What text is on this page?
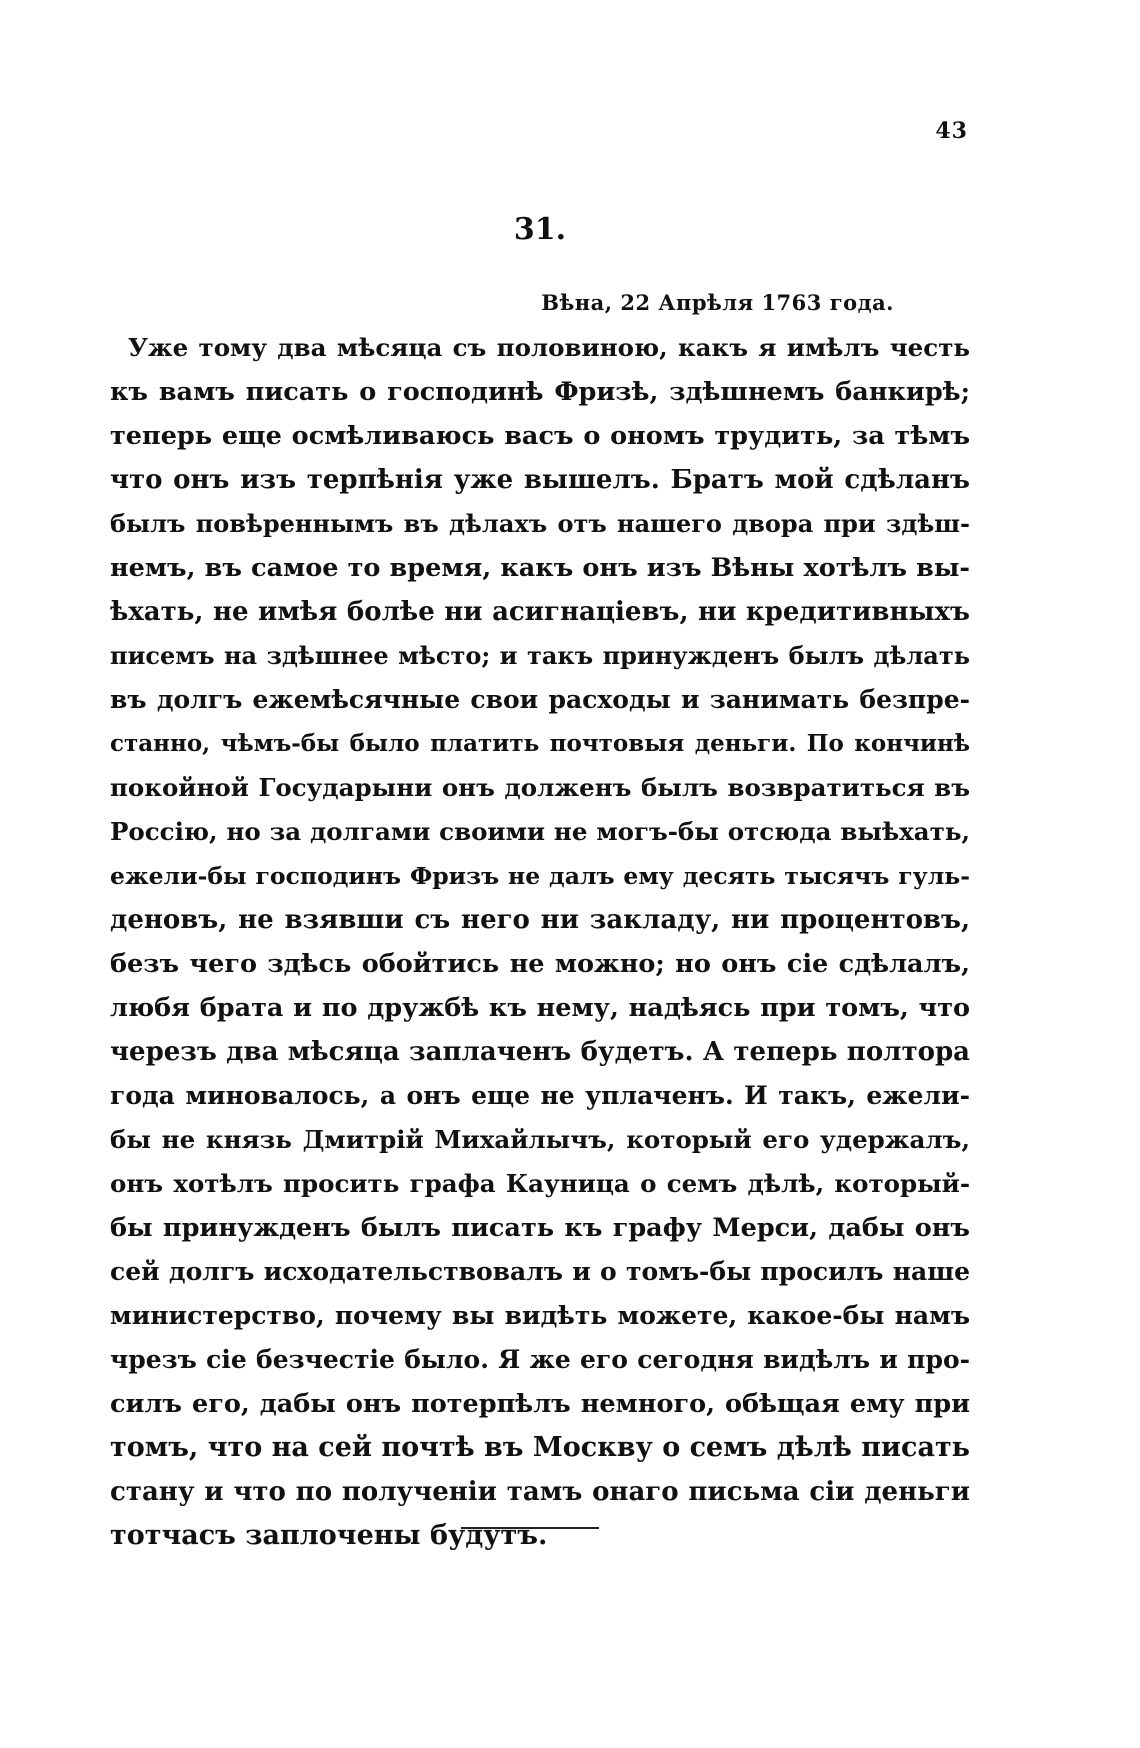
43
31.
Вѣна, 22 Апрѣля 1763 года.
Уже тому два мѣсяца съ половиною, какъ я имѣлъ честь
къ вамъ писать о господинѣ Фризѣ, здѣшнемъ банкирѣ;
теперь еще осмѣливаюсь васъ о ономъ трудить, за тѣмъ
что онъ изъ терпѣнія уже вышелъ. Братъ мой сдѣланъ
былъ повѣреннымъ въ дѣлахъ отъ нашего двора при здѣш-
немъ, въ самое то время, какъ онъ изъ Вѣны хотѣлъ вы-
ѣхать, не имѣя болѣе ни асигнаціевъ, ни кредитивныхъ
писемъ на здѣшнее мѣсто; и такъ принужденъ былъ дѣлать
въ долгъ ежемѣсячные свои расходы и занимать безпре-
станно, чѣмъ-бы было платить почтовыя деньги. По кончинѣ
покойной Государыни онъ долженъ былъ возвратиться въ
Россію, но за долгами своими не могъ-бы отсюда выѣхать,
ежели-бы господинъ Фризъ не далъ ему десять тысячъ гуль-
деновъ, не взявши съ него ни закладу, ни процентовъ,
безъ чего здѣсь обойтись не можно; но онъ сіе сдѣлалъ,
любя брата и по дружбѣ къ нему, надѣясь при томъ, что
черезъ два мѣсяца заплаченъ будетъ. А теперь полтора
года миновалось, а онъ еще не уплаченъ. И такъ, ежели-
бы не князь Дмитрій Михайлычъ, который его удержалъ,
онъ хотѣлъ просить графа Кауница о семъ дѣлѣ, который-
бы принужденъ былъ писать къ графу Мерси, дабы онъ
сей долгъ исходательствовалъ и о томъ-бы просилъ наше
министерство, почему вы видѣть можете, какое-бы намъ
чрезъ сіе безчестіе было. Я же его сегодня видѣлъ и про-
силъ его, дабы онъ потерпѣлъ немного, обѣщая ему при
томъ, что на сей почтѣ въ Москву о семъ дѣлѣ писать
стану и что по полученіи тамъ онаго письма сіи деньги
тотчасъ заплочены будутъ.
